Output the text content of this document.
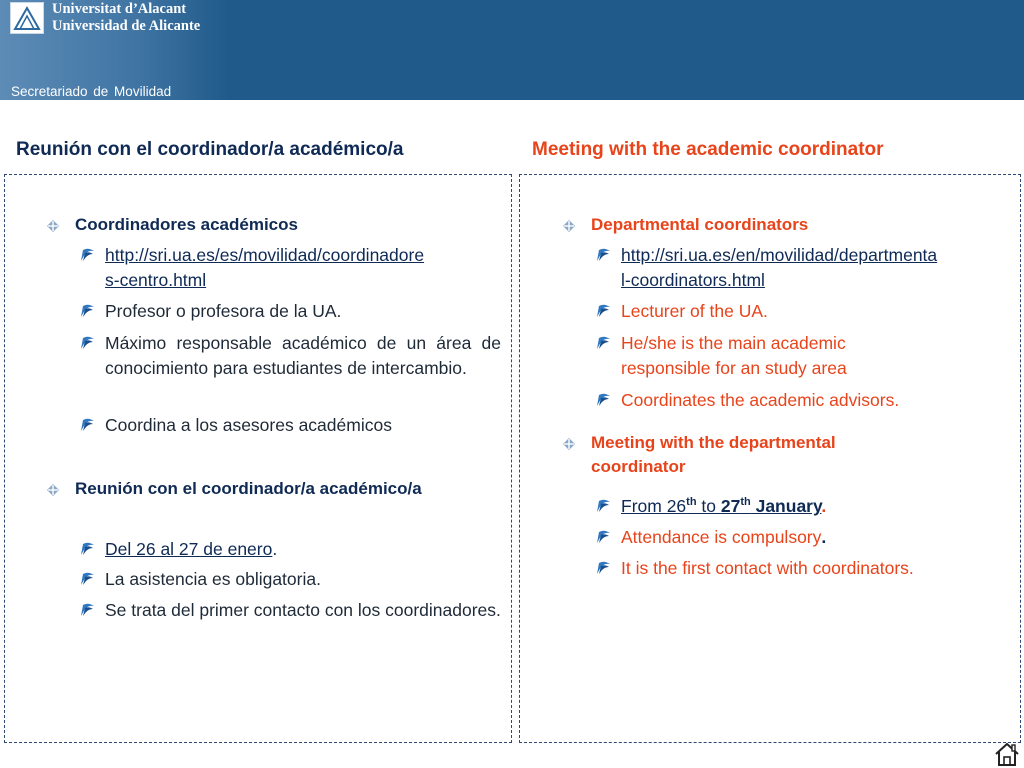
Universitat d’Alacant
Universidad de Alicante
Secretariado de Movilidad
Reunión con el coordinador/a académico/a	Meeting with the academic coordinator
Coordinadores académicos
http://sri.ua.es/es/movilidad/coordinadore
s-centro.html
Profesor o profesora de la UA.
Máximo responsable académico de un área de conocimiento para estudiantes de intercambio.
Coordina a los asesores académicos
Reunión con el coordinador/a académico/a
Del 26 al 27 de enero.
La asistencia es obligatoria.
Se trata del primer contacto con los coordinadores.
Departmental coordinators
http://sri.ua.es/en/movilidad/departmenta
l-coordinators.html
Lecturer of the UA.
He/she is the main academic
responsible for an study area
Coordinates the academic advisors.
Meeting with the departmental
coordinator
From 26th to 27th January.
Attendance is compulsory.
It is the first contact with coordinators.
